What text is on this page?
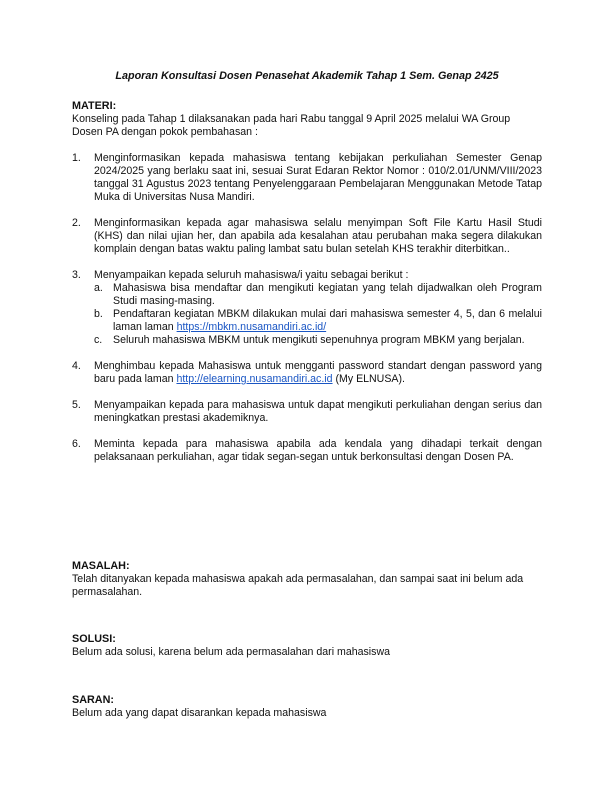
Laporan Konsultasi Dosen Penasehat Akademik Tahap 1 Sem. Genap 2425
MATERI:

Konseling pada Tahap 1 dilaksanakan pada hari Rabu tanggal 9 April 2025 melalui WA Group Dosen PA dengan pokok pembahasan :

1. Menginformasikan kepada mahasiswa tentang kebijakan perkuliahan Semester Genap 2024/2025 yang berlaku saat ini, sesuai Surat Edaran Rektor Nomor : 010/2.01/UNM/VIII/2023 tanggal 31 Agustus 2023 tentang Penyelenggaraan Pembelajaran Menggunakan Metode Tatap Muka di Universitas Nusa Mandiri.
2. Menginformasikan kepada agar mahasiswa selalu menyimpan Soft File Kartu Hasil Studi (KHS) dan nilai ujian her, dan apabila ada kesalahan atau perubahan maka segera dilakukan komplain dengan batas waktu paling lambat satu bulan setelah KHS terakhir diterbitkan..
3. Menyampaikan kepada seluruh mahasiswa/i yaitu sebagai berikut :
a. Mahasiswa bisa mendaftar dan mengikuti kegiatan yang telah dijadwalkan oleh Program Studi masing-masing.
b. Pendaftaran kegiatan MBKM dilakukan mulai dari mahasiswa semester 4, 5, dan 6 melalui laman laman https://mbkm.nusamandiri.ac.id/
c. Seluruh mahasiswa MBKM untuk mengikuti sepenuhnya program MBKM yang berjalan.
4. Menghimbau kepada Mahasiswa untuk mengganti password standart dengan password yang baru pada laman http://elearning.nusamandiri.ac.id (My ELNUSA).
5. Menyampaikan kepada para mahasiswa untuk dapat mengikuti perkuliahan dengan serius dan meningkatkan prestasi akademiknya.
6. Meminta kepada para mahasiswa apabila ada kendala yang dihadapi terkait dengan pelaksanaan perkuliahan, agar tidak segan-segan untuk berkonsultasi dengan Dosen PA.
MASALAH:

Telah ditanyakan kepada mahasiswa apakah ada permasalahan, dan sampai saat ini belum ada permasalahan.

SOLUSI:

Belum ada solusi, karena belum ada permasalahan dari mahasiswa

SARAN:

Belum ada yang dapat disarankan kepada mahasiswa
